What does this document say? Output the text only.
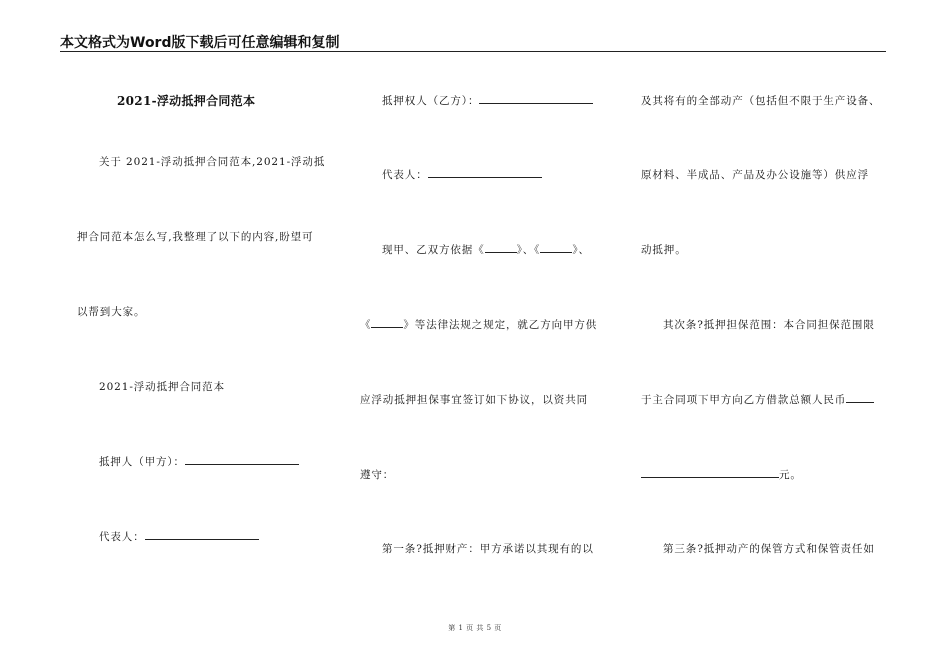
本文格式为Word版下载后可任意编辑和复制
2021-浮动抵押合同范本
关于 2021-浮动抵押合同范本,2021-浮动抵
押合同范本怎么写,我整理了以下的内容,盼望可
以帮到大家。
2021-浮动抵押合同范本
抵押人（甲方）：
代表人：
抵押权人（乙方）：
代表人：
现甲、乙双方依据《	》、《	》、
《	》等法律法规之规定，就乙方向甲方供
应浮动抵押担保事宜签订如下协议，以资共同
遵守：
第一条?抵押财产：甲方承诺以其现有的以
及其将有的全部动产（包括但不限于生产设备、
原材料、半成品、产品及办公设施等）供应浮
动抵押。
其次条?抵押担保范围：本合同担保范围限
于主合同项下甲方向乙方借款总额人民币
元。
第三条?抵押动产的保管方式和保管责任如
第 1 页 共 5 页
